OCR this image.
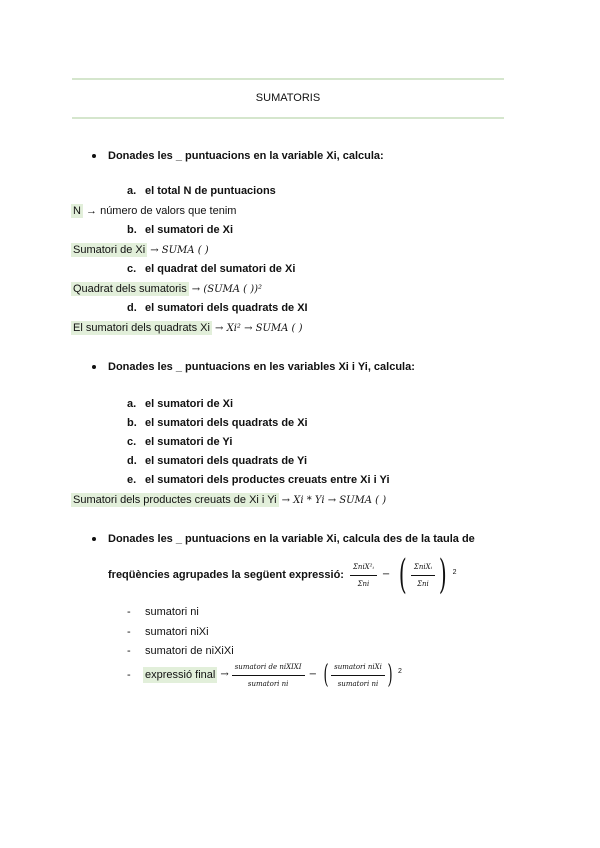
SUMATORIS
Donades les _ puntuacions en la variable Xi, calcula:
a. el total N de puntuacions
N → número de valors que tenim
b. el sumatori de Xi
Sumatori de Xi → SUMA ( )
c. el quadrat del sumatori de Xi
Quadrat dels sumatoris → (SUMA ( ))²
d. el sumatori dels quadrats de XI
El sumatori dels quadrats Xi → Xi² → SUMA ( )
Donades les _ puntuacions en les variables Xi i Yi, calcula:
a. el sumatori de Xi
b. el sumatori dels quadrats de Xi
c. el sumatori de Yi
d. el sumatori dels quadrats de Yi
e. el sumatori dels productes creuats entre Xi i Yi
Sumatori dels productes creuats de Xi i Yi → Xi * Yi → SUMA ( )
Donades les _ puntuacions en la variable Xi, calcula des de la taula de
freqüències agrupades la següent expressió: $\frac{\text{ΣniX²ᵢ}}{\text{Σni}}$ − ( $\frac{\text{ΣniXᵢ}}{\text{Σni}}$ ) 2
- sumatori ni
- sumatori niXi
- sumatori de niXiXi
- expressió final → $\frac{\text{sumatori de niXIXI}}{\text{sumatori ni}}$ − ( $\frac{\text{sumatori niXi}}{\text{sumatori ni}}$ ) 2
